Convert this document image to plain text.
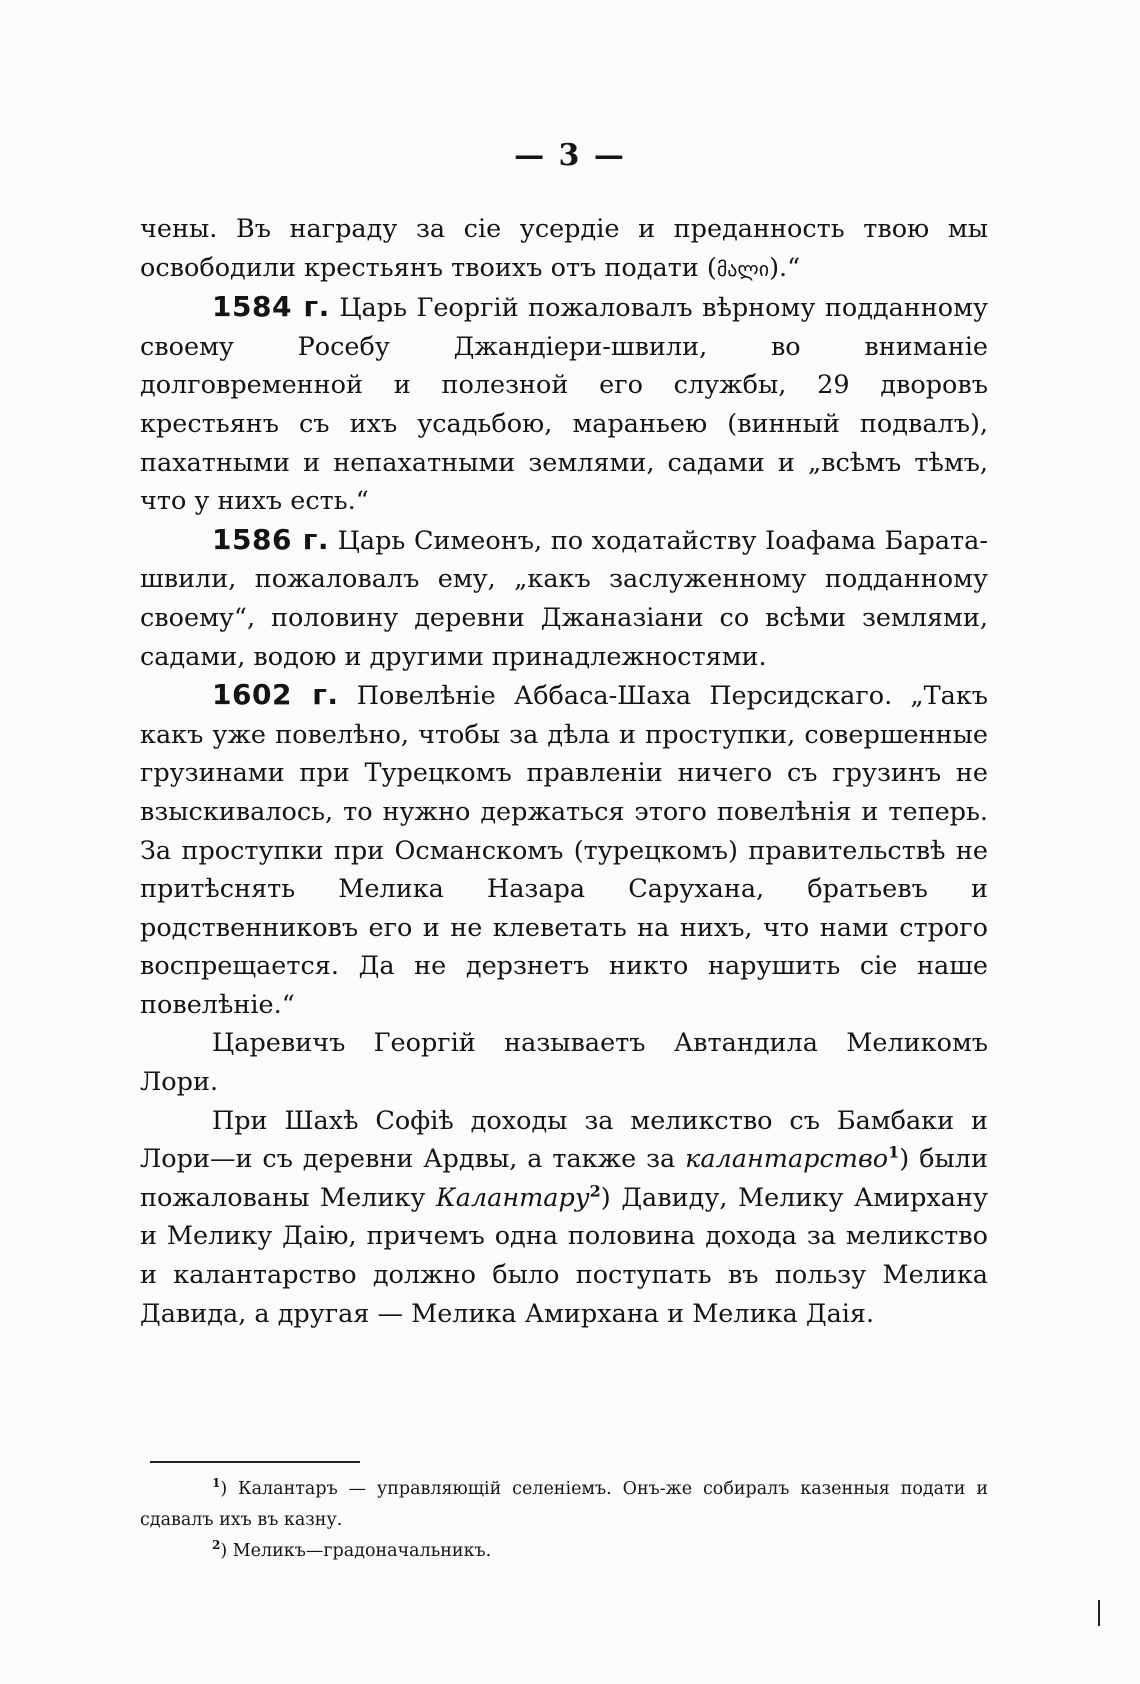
— 3 —

чены. Въ награду за сіе усердіе и преданность твою мы освободили крестьянъ твоихъ отъ подати (მალი).“

1584 г. Царь Георгій пожаловалъ вѣрному подданному своему Росебу Джандіери-швили, во вниманіе долговременной и полезной его службы, 29 дворовъ крестьянъ съ ихъ усадьбою, мараньею (винный подвалъ), пахатными и непахатными землями, садами и „всѣмъ тѣмъ, что у нихъ есть.“

1586 г. Царь Симеонъ, по ходатайству Іоафама Барата-швили, пожаловалъ ему, „какъ заслуженному подданному своему“, половину деревни Джаназіани со всѣми землями, садами, водою и другими принадлежностями.

1602 г. Повелѣніе Аббаса-Шаха Персидскаго. „Такъ какъ уже повелѣно, чтобы за дѣла и проступки, совершенные грузинами при Турецкомъ правленіи ничего съ грузинъ не взыскивалось, то нужно держаться этого повелѣнія и теперь. За проступки при Османскомъ (турецкомъ) правительствѣ не притѣснять Мелика Назара Саруханa, братьевъ и родственниковъ его и не клеветать на нихъ, что нами строго воспрещается. Да не дерзнетъ никто нарушить сіе наше повелѣніе.“

Царевичъ Георгій называетъ Автандила Меликомъ Лори.

При Шахѣ Софіѣ доходы за меликство съ Бамбаки и Лори—и съ деревни Ардвы, а также за калантарство$^1$) были пожалованы Мелику Калантару$^2$) Давиду, Мелику Амирхану и Мелику Даію, причемъ одна половина дохода за меликство и калантарство должно было поступать въ пользу Мелика Давида, а другая — Мелика Амирхана и Мелика Даія.

$^1$) Калантаръ — управляющій селеніемъ. Онъ-же собиралъ казенныя подати и сдавалъ ихъ въ казну.

$^2$) Меликъ—градоначальникъ.
